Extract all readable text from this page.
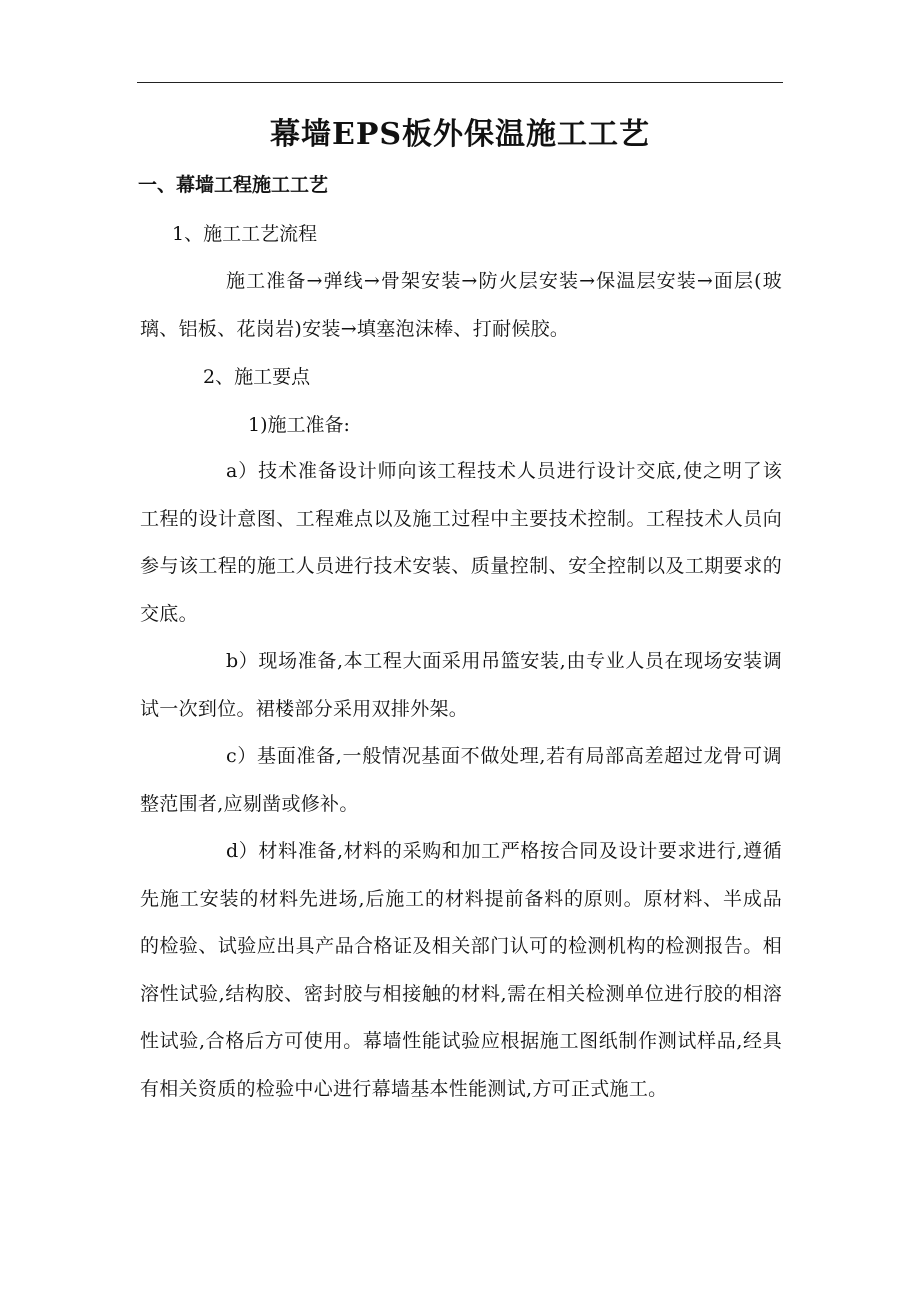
幕墙EPS板外保温施工工艺
一、幕墙工程施工工艺
1、施工工艺流程
施工准备→弹线→骨架安装→防火层安装→保温层安装→面层(玻璃、铝板、花岗岩)安装→填塞泡沫棒、打耐候胶。
2、施工要点
1)施工准备:
a）技术准备设计师向该工程技术人员进行设计交底,使之明了该工程的设计意图、工程难点以及施工过程中主要技术控制。工程技术人员向参与该工程的施工人员进行技术安装、质量控制、安全控制以及工期要求的交底。
b）现场准备,本工程大面采用吊篮安装,由专业人员在现场安装调试一次到位。裙楼部分采用双排外架。
c）基面准备,一般情况基面不做处理,若有局部高差超过龙骨可调整范围者,应剔凿或修补。
d）材料准备,材料的采购和加工严格按合同及设计要求进行,遵循先施工安装的材料先进场,后施工的材料提前备料的原则。原材料、半成品的检验、试验应出具产品合格证及相关部门认可的检测机构的检测报告。相溶性试验,结构胶、密封胶与相接触的材料,需在相关检测单位进行胶的相溶性试验,合格后方可使用。幕墙性能试验应根据施工图纸制作测试样品,经具有相关资质的检验中心进行幕墙基本性能测试,方可正式施工。
